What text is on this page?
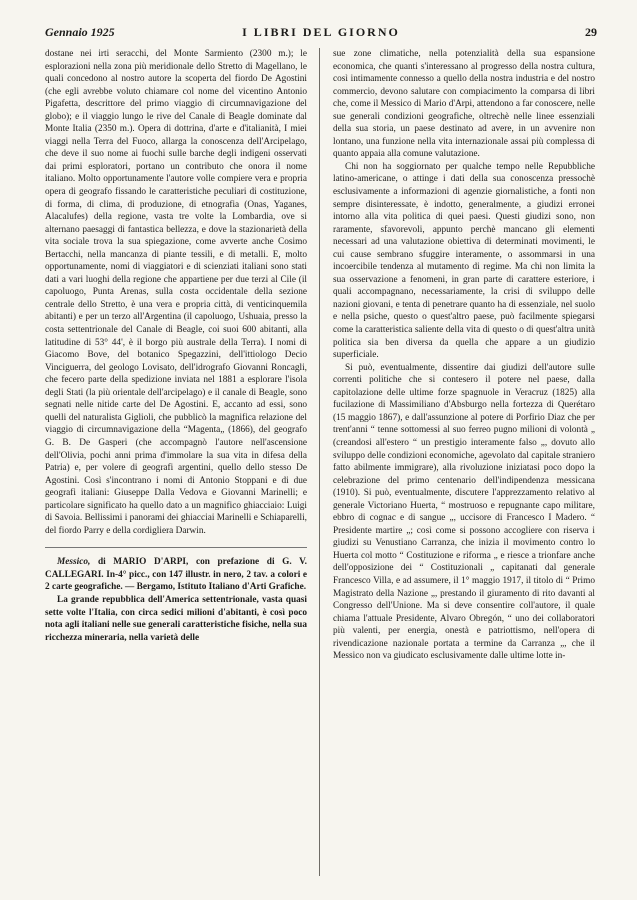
Gennaio 1925	I LIBRI DEL GIORNO	29

dostane nei irti seracchi, del Monte Sarmiento (2300 m.); le esplorazioni nella zona più meridionale dello Stretto di Magellano, le quali concedono al nostro autore la scoperta del fiordo De Agostini (che egli avrebbe voluto chiamare col nome del vicentino Antonio Pigafetta, descrittore del primo viaggio di circumnavigazione del globo); e il viaggio lungo le rive del Canale di Beagle dominate dal Monte Italia (2350 m.). Opera di dottrina, d'arte e d'italianità, I miei viaggi nella Terra del Fuoco, allarga la conoscenza dell'Arcipelago, che deve il suo nome ai fuochi sulle barche degli indigeni osservati dai primi esploratori, portano un contributo che onora il nome italiano. Molto opportunamente l'autore volle compiere vera e propria opera di geografo fissando le caratteristiche peculiari di costituzione, di forma, di clima, di produzione, di etnografia (Onas, Yaganes, Alacalufes) della regione, vasta tre volte la Lombardia, ove si alternano paesaggi di fantastica bellezza, e dove la stazionarietà della vita sociale trova la sua spiegazione, come avverte anche Cosimo Bertacchi, nella mancanza di piante tessili, e di metalli. E, molto opportunamente, nomi di viaggiatori e di scienziati italiani sono stati dati a vari luoghi della regione che appartiene per due terzi al Cile (il capoluogo, Punta Arenas, sulla costa occidentale della sezione centrale dello Stretto, è una vera e propria città, di venticinquemila abitanti) e per un terzo all'Argentina (il capoluogo, Ushuaia, presso la costa settentrionale del Canale di Beagle, coi suoi 600 abitanti, alla latitudine di 53° 44', è il borgo più australe della Terra). I nomi di Giacomo Bove, del botanico Spegazzini, dell'ittiologo Decio Vinciguerra, del geologo Lovisato, dell'idrografo Giovanni Roncagli, che fecero parte della spedizione inviata nel 1881 a esplorare l'isola degli Stati (la più orientale dell'arcipelago) e il canale di Beagle, sono segnati nelle nitide carte del De Agostini. E, accanto ad essi, sono quelli del naturalista Giglioli, che pubblicò la magnifica relazione del viaggio di circumnavigazione della “Magenta„ (1866), del geografo G. B. De Gasperi (che accompagnò l'autore nell'ascensione dell'Olivia, pochi anni prima d'immolare la sua vita in difesa della Patria) e, per volere di geografi argentini, quello dello stesso De Agostini. Così s'incontrano i nomi di Antonio Stoppani e di due geografi italiani: Giuseppe Dalla Vedova e Giovanni Marinelli; e particolare significato ha quello dato a un magnifico ghiacciaio: Luigi di Savoia. Bellissimi i panorami dei ghiacciai Marinelli e Schiaparelli, del fiordo Parry e della cordigliera Darwin.

Messico, di MARIO D'ARPI, con prefazione di G. V. CALLEGARI. In-4° picc., con 147 illustr. in nero, 2 tav. a colori e 2 carte geografiche. — Bergamo, Istituto Italiano d'Arti Grafiche.

La grande repubblica dell'America settentrionale, vasta quasi sette volte l'Italia, con circa sedici milioni d'abitanti, è così poco nota agli italiani nelle sue generali caratteristiche fisiche, nella sua ricchezza mineraria, nella varietà delle

sue zone climatiche, nella potenzialità della sua espansione economica, che quanti s'interessano al progresso della nostra cultura, così intimamente connesso a quello della nostra industria e del nostro commercio, devono salutare con compiacimento la comparsa di libri che, come il Messico di Mario d'Arpi, attendono a far conoscere, nelle sue generali condizioni geografiche, oltrechè nelle linee essenziali della sua storia, un paese destinato ad avere, in un avvenire non lontano, una funzione nella vita internazionale assai più complessa di quanto appaia alla comune valutazione.

Chi non ha soggiornato per qualche tempo nelle Repubbliche latino-americane, o attinge i dati della sua conoscenza pressochè esclusivamente a informazioni di agenzie giornalistiche, a fonti non sempre disinteressate, è indotto, generalmente, a giudizi erronei intorno alla vita politica di quei paesi. Questi giudizi sono, non raramente, sfavorevoli, appunto perchè mancano gli elementi necessari ad una valutazione obiettiva di determinati movimenti, le cui cause sembrano sfuggire interamente, o assommarsi in una incoercibile tendenza al mutamento di regime. Ma chi non limita la sua osservazione a fenomeni, in gran parte di carattere esteriore, i quali accompagnano, necessariamente, la crisi di sviluppo delle nazioni giovani, e tenta di penetrare quanto ha di essenziale, nel suolo e nella psiche, questo o quest'altro paese, può facilmente spiegarsi come la caratteristica saliente della vita di questo o di quest'altra unità politica sia ben diversa da quella che appare a un giudizio superficiale.

Si può, eventualmente, dissentire dai giudizi dell'autore sulle correnti politiche che si contesero il potere nel paese, dalla capitolazione delle ultime forze spagnuole in Veracruz (1825) alla fucilazione di Massimiliano d'Absburgo nella fortezza di Querétaro (15 maggio 1867), e dall'assunzione al potere di Porfirio Diaz che per trent'anni “ tenne sottomessi al suo ferreo pugno milioni di volontà „ (creandosi all'estero “ un prestigio interamente falso „, dovuto allo sviluppo delle condizioni economiche, agevolato dal capitale straniero fatto abilmente immigrare), alla rivoluzione iniziatasi poco dopo la celebrazione del primo centenario dell'indipendenza messicana (1910). Si può, eventualmente, discutere l'apprezzamento relativo al generale Victoriano Huerta, “ mostruoso e repugnante capo militare, ebbro di cognac e di sangue „, uccisore di Francesco I Madero. “ Presidente martire „; così come si possono accogliere con riserva i giudizi su Venustiano Carranza, che inizia il movimento contro lo Huerta col motto “ Costituzione e riforma „ e riesce a trionfare anche dell'opposizione dei “ Costituzionali „ capitanati dal generale Francesco Villa, e ad assumere, il 1° maggio 1917, il titolo di “ Primo Magistrato della Nazione „, prestando il giuramento di rito davanti al Congresso dell'Unione. Ma si deve consentire coll'autore, il quale chiama l'attuale Presidente, Alvaro Obregón, “ uno dei collaboratori più valenti, per energia, onestà e patriottismo, nell'opera di rivendicazione nazionale portata a termine da Carranza „, che il Messico non va giudicato esclusivamente dalle ultime lotte in-
